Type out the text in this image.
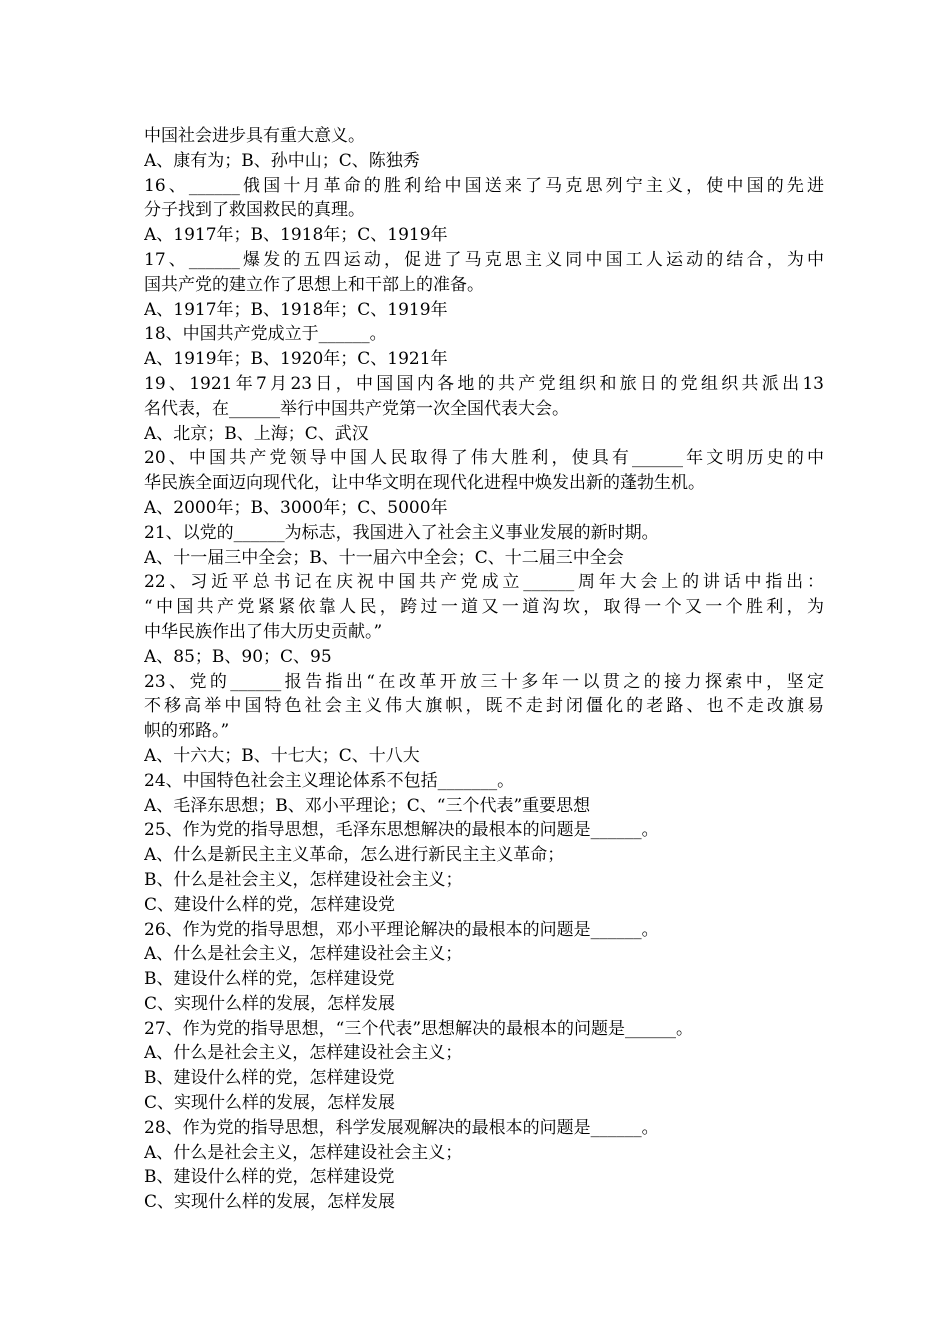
中国社会进步具有重大意义。

A、康有为；B、孙中山；C、陈独秀

16、______俄国十月革命的胜利给中国送来了马克思列宁主义，使中国的先进

分子找到了救国救民的真理。

A、1917年；B、1918年；C、1919年

17、______爆发的五四运动，促进了马克思主义同中国工人运动的结合，为中

国共产党的建立作了思想上和干部上的准备。

A、1917年；B、1918年；C、1919年

18、中国共产党成立于______。

A、1919年；B、1920年；C、1921年

19、1921年7月23日，中国国内各地的共产党组织和旅日的党组织共派出13

名代表，在______举行中国共产党第一次全国代表大会。

A、北京；B、上海；C、武汉

20、中国共产党领导中国人民取得了伟大胜利，使具有______年文明历史的中

华民族全面迈向现代化，让中华文明在现代化进程中焕发出新的蓬勃生机。

A、2000年；B、3000年；C、5000年

21、以党的______为标志，我国进入了社会主义事业发展的新时期。

A、十一届三中全会；B、十一届六中全会；C、十二届三中全会

22、习近平总书记在庆祝中国共产党成立______周年大会上的讲话中指出：

“中国共产党紧紧依靠人民，跨过一道又一道沟坎，取得一个又一个胜利，为

中华民族作出了伟大历史贡献。”

A、85；B、90；C、95

23、党的______报告指出“在改革开放三十多年一以贯之的接力探索中，坚定

不移高举中国特色社会主义伟大旗帜，既不走封闭僵化的老路、也不走改旗易

帜的邪路。”

A、十六大；B、十七大；C、十八大

24、中国特色社会主义理论体系不包括_______。

A、毛泽东思想；B、邓小平理论；C、“三个代表”重要思想

25、作为党的指导思想，毛泽东思想解决的最根本的问题是______。

A、什么是新民主主义革命，怎么进行新民主主义革命；

B、什么是社会主义，怎样建设社会主义；

C、建设什么样的党，怎样建设党

26、作为党的指导思想，邓小平理论解决的最根本的问题是______。

A、什么是社会主义，怎样建设社会主义；

B、建设什么样的党，怎样建设党

C、实现什么样的发展，怎样发展

27、作为党的指导思想，“三个代表”思想解决的最根本的问题是______。

A、什么是社会主义，怎样建设社会主义；

B、建设什么样的党，怎样建设党

C、实现什么样的发展，怎样发展

28、作为党的指导思想，科学发展观解决的最根本的问题是______。

A、什么是社会主义，怎样建设社会主义；

B、建设什么样的党，怎样建设党

C、实现什么样的发展，怎样发展
